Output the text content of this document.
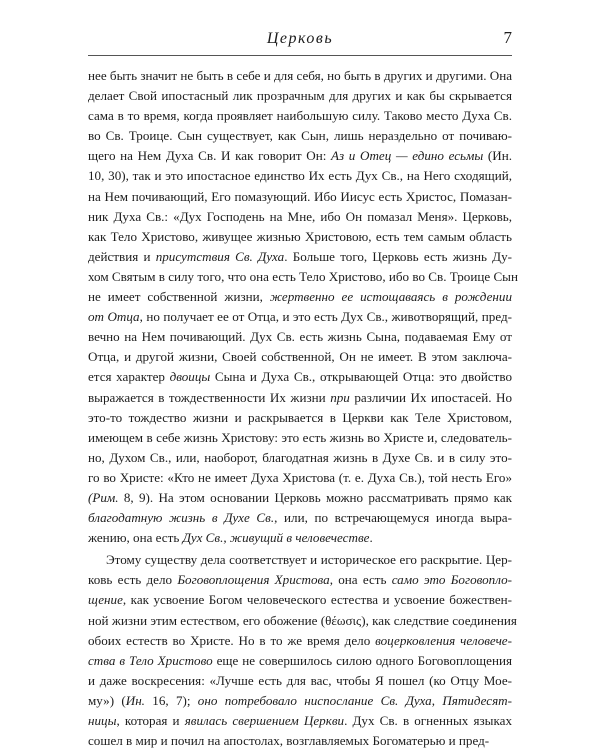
Церковь	7
нее быть значит не быть в себе и для себя, но быть в других и другими. Она
делает Свой ипостасный лик прозрачным для других и как бы скрывается
сама в то время, когда проявляет наибольшую силу. Таково место Духа Св.
во Св. Троице. Сын существует, как Сын, лишь нераздельно от почиваю-
щего на Нем Духа Св. И как говорит Он: Аз и Отец — едино есьмы (Ин.
10, 30), так и это ипостасное единство Их есть Дух Св., на Него сходящий,
на Нем почивающий, Его помазующий. Ибо Иисус есть Христос, Помазан-
ник Духа Св.: «Дух Господень на Мне, ибо Он помазал Меня». Церковь,
как Тело Христово, живущее жизнью Христовою, есть тем самым область
действия и присутствия Св. Духа. Больше того, Церковь есть жизнь Ду-
хом Святым в силу того, что она есть Тело Христово, ибо во Св. Троице Сын
не имеет собственной жизни, жертвенно ее истощаваясь в рождении
от Отца, но получает ее от Отца, и это есть Дух Св., животворящий, пред-
вечно на Нем почивающий. Дух Св. есть жизнь Сына, подаваемая Ему от
Отца, и другой жизни, Своей собственной, Он не имеет. В этом заключа-
ется характер двоицы Сына и Духа Св., открывающей Отца: это двойство
выражается в тождественности Их жизни при различии Их ипостасей. Но
это-то тождество жизни и раскрывается в Церкви как Теле Христовом,
имеющем в себе жизнь Христову: это есть жизнь во Христе и, следователь-
но, Духом Св., или, наоборот, благодатная жизнь в Духе Св. и в силу это-
го во Христе: «Кто не имеет Духа Христова (т. е. Духа Св.), той несть Его»
(Рим. 8, 9). На этом основании Церковь можно рассматривать прямо как
благодатную жизнь в Духе Св., или, по встречающемуся иногда выра-
жению, она есть Дух Св., живущий в человечестве.
Этому существу дела соответствует и историческое его раскрытие. Цер-
ковь есть дело Боговоплощения Христова, она есть само это Боговопло-
щение, как усвоение Богом человеческого естества и усвоение божествен-
ной жизни этим естеством, его обожение (θέωσις), как следствие соединения
обоих естеств во Христе. Но в то же время дело воцерковления человече-
ства в Тело Христово еще не совершилось силою одного Боговоплощения
и даже воскресения: «Лучше есть для вас, чтобы Я пошел (ко Отцу Мое-
му») (Ин. 16, 7); оно потребовало ниспослание Св. Духа, Пятидесят-
ницы, которая и явилась свершением Церкви. Дух Св. в огненных языках
сошел в мир и почил на апостолах, возглавляемых Богоматерью и пред-
